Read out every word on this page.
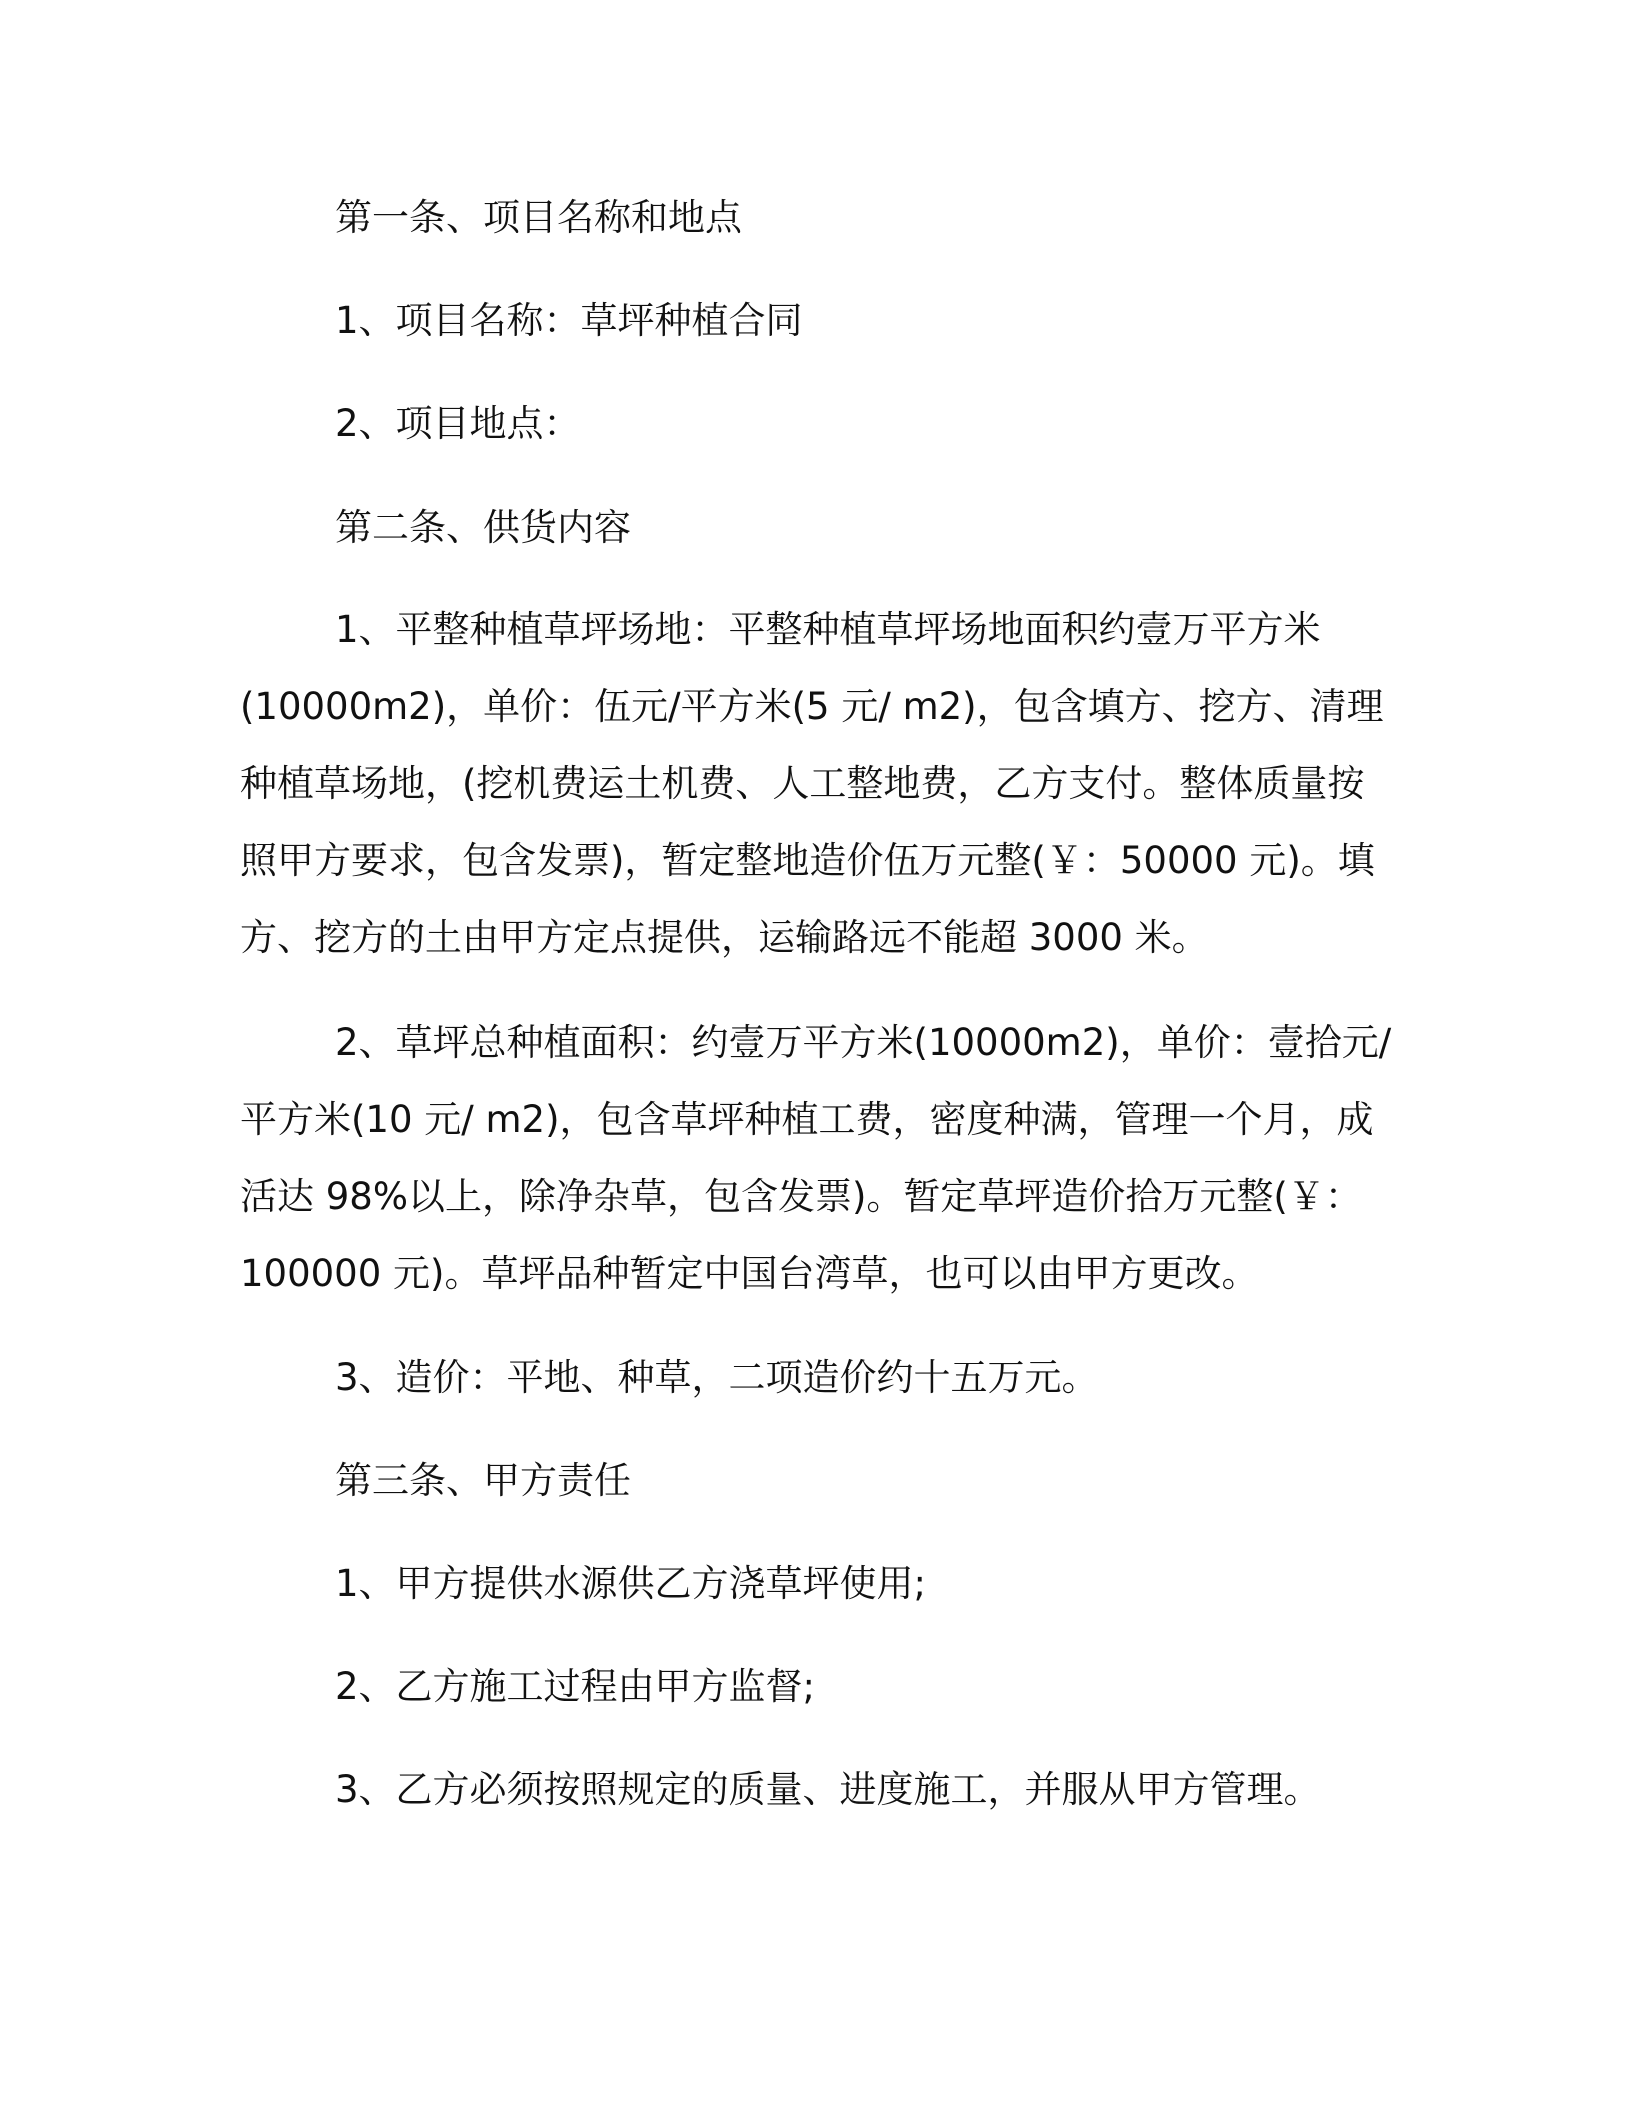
第一条、项目名称和地点

1、项目名称：草坪种植合同

2、项目地点：

第二条、供货内容

1、平整种植草坪场地：平整种植草坪场地面积约壹万平方米

(10000m2)，单价：伍元/平方米(5 元/ m2)，包含填方、挖方、清理

种植草场地，(挖机费运土机费、人工整地费，乙方支付。整体质量按

照甲方要求，包含发票)，暂定整地造价伍万元整(￥：50000 元)。填

方、挖方的土由甲方定点提供，运输路远不能超 3000 米。

2、草坪总种植面积：约壹万平方米(10000m2)，单价：壹拾元/

平方米(10 元/ m2)，包含草坪种植工费，密度种满，管理一个月，成

活达 98%以上，除净杂草，包含发票)。暂定草坪造价拾万元整(￥：

100000 元)。草坪品种暂定中国台湾草，也可以由甲方更改。

3、造价：平地、种草，二项造价约十五万元。

第三条、甲方责任

1、甲方提供水源供乙方浇草坪使用;

2、乙方施工过程由甲方监督;

3、乙方必须按照规定的质量、进度施工，并服从甲方管理。
